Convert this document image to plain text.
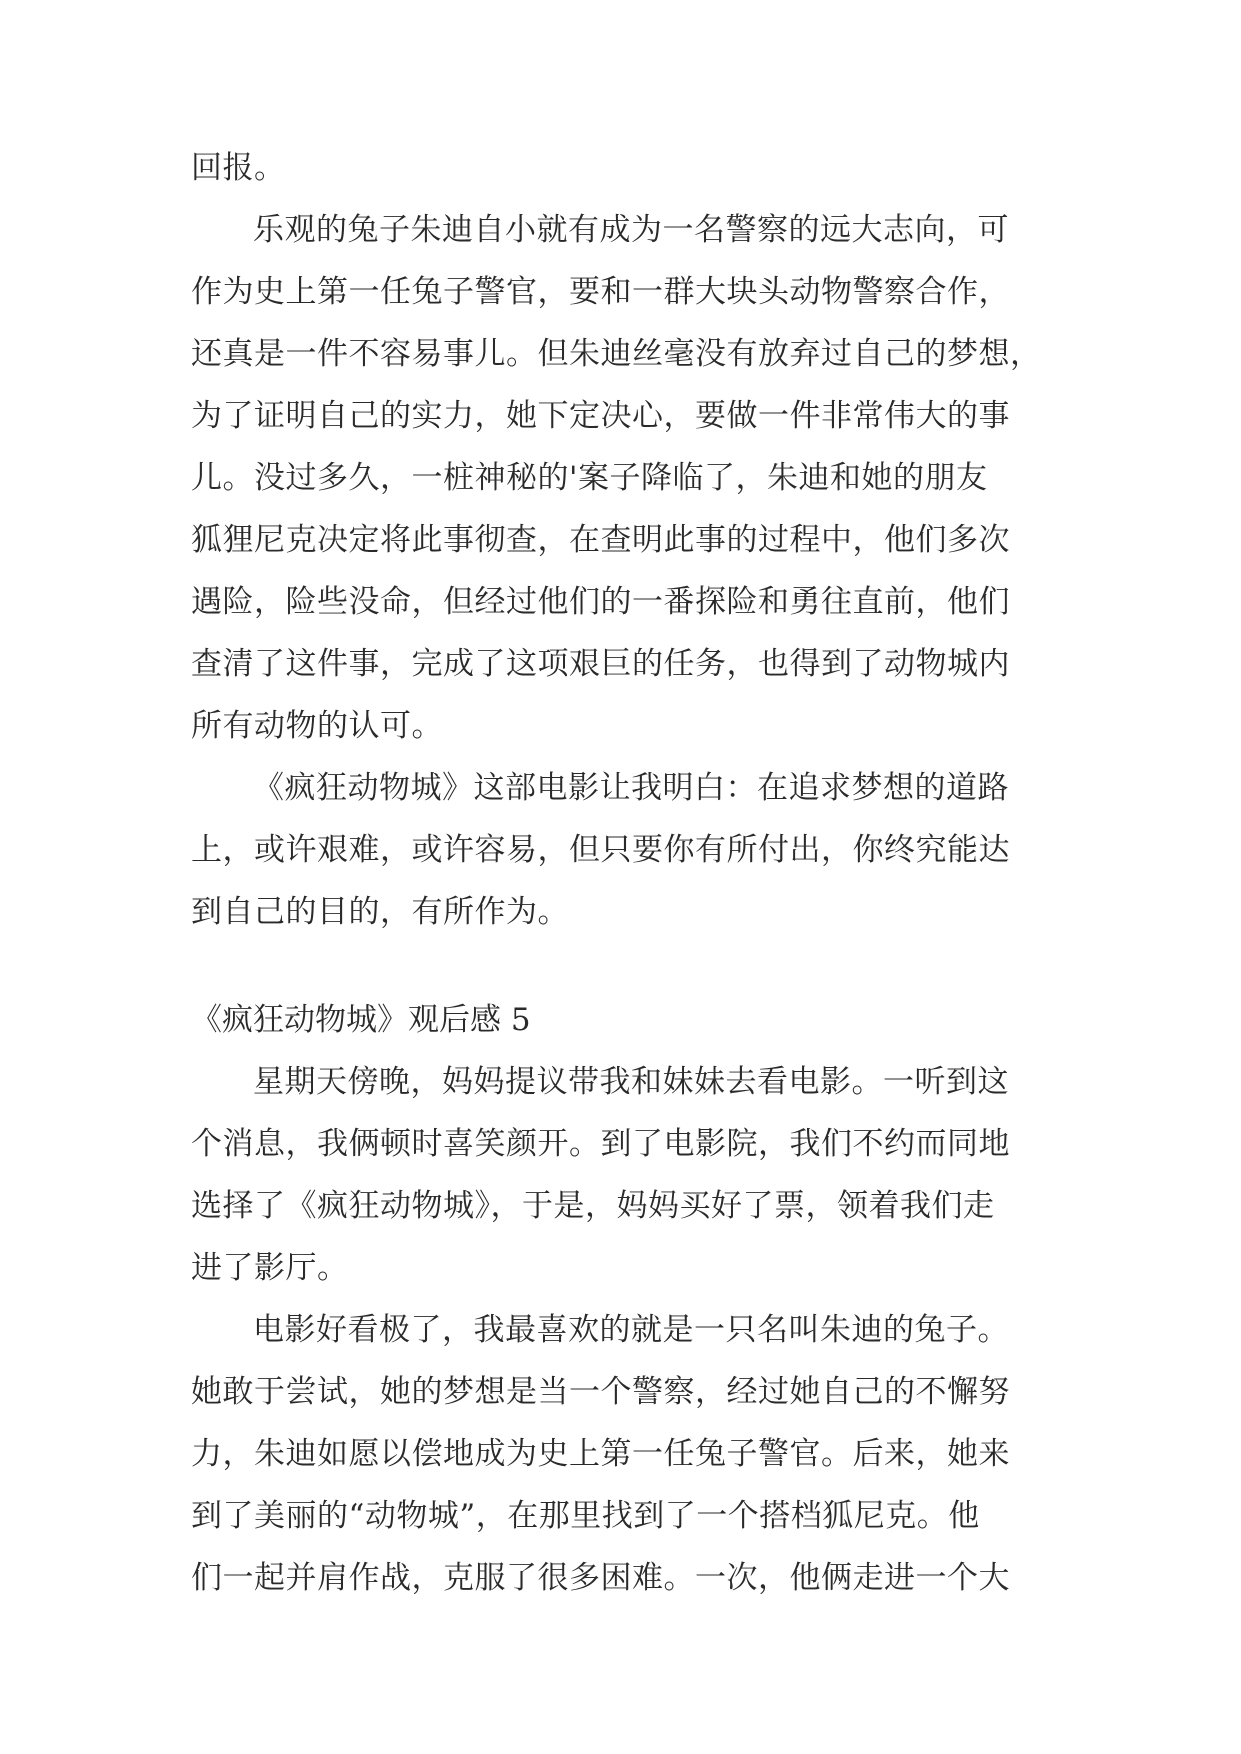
回报。
乐观的兔子朱迪自小就有成为一名警察的远大志向，可
作为史上第一任兔子警官，要和一群大块头动物警察合作，
还真是一件不容易事儿。但朱迪丝毫没有放弃过自己的梦想，
为了证明自己的实力，她下定决心，要做一件非常伟大的事
儿。没过多久，一桩神秘的'案子降临了，朱迪和她的朋友
狐狸尼克决定将此事彻查，在查明此事的过程中，他们多次
遇险，险些没命，但经过他们的一番探险和勇往直前，他们
查清了这件事，完成了这项艰巨的任务，也得到了动物城内
所有动物的认可。
《疯狂动物城》这部电影让我明白：在追求梦想的道路
上，或许艰难，或许容易，但只要你有所付出，你终究能达
到自己的目的，有所作为。
《疯狂动物城》观后感 5
星期天傍晚，妈妈提议带我和妹妹去看电影。一听到这
个消息，我俩顿时喜笑颜开。到了电影院，我们不约而同地
选择了《疯狂动物城》，于是，妈妈买好了票，领着我们走
进了影厅。
电影好看极了，我最喜欢的就是一只名叫朱迪的兔子。
她敢于尝试，她的梦想是当一个警察，经过她自己的不懈努
力，朱迪如愿以偿地成为史上第一任兔子警官。后来，她来
到了美丽的“动物城”，在那里找到了一个搭档狐尼克。他
们一起并肩作战，克服了很多困难。一次，他俩走进一个大
